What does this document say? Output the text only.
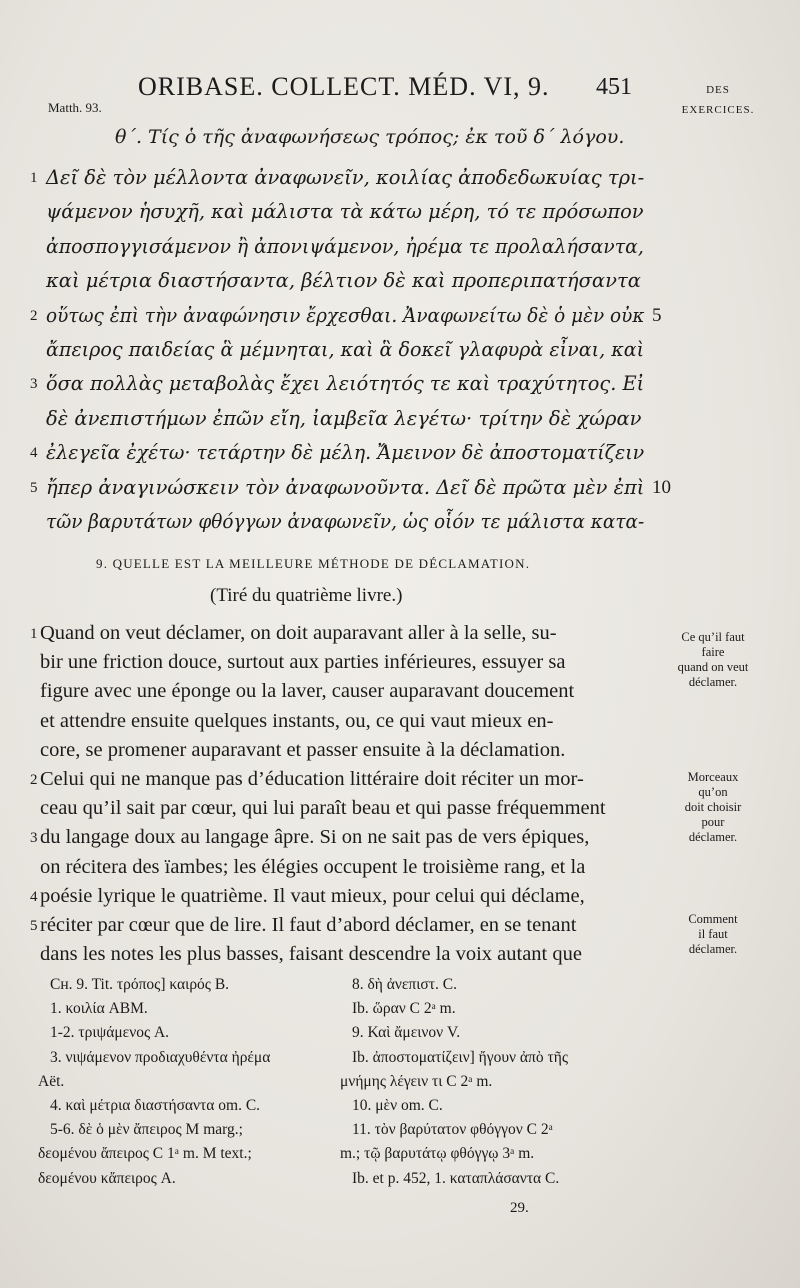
ORIBASE. COLLECT. MÉD. VI, 9. 451
Matth. 93.
DES
EXERCICES.
θ΄. Τίς ὁ τῆς ἀναφωνήσεως τρόπος; ἐκ τοῦ δ΄ λόγου.
1 Δεῖ δὲ τὸν μέλλοντα ἀναφωνεῖν, κοιλίας ἀποδεδωκυίας τρι-
ψάμενον ἡσυχῆ, καὶ μάλιστα τὰ κάτω μέρη, τό τε πρόσωπον
ἀποσπογγισάμενον ἢ ἀπονιψάμενον, ἠρέμα τε προλαλήσαντα,
καὶ μέτρια διαστήσαντα, βέλτιον δὲ καὶ προπεριπατήσαντα
2 οὕτως ἐπὶ τὴν ἀναφώνησιν ἔρχεσθαι. Ἀναφωνείτω δὲ ὁ μὲν οὐκ 5
ἄπειρος παιδείας ἃ μέμνηται, καὶ ἃ δοκεῖ γλαφυρὰ εἶναι, καὶ
3 ὅσα πολλὰς μεταβολὰς ἔχει λειότητός τε καὶ τραχύτητος. Εἰ
δὲ ἀνεπιστήμων ἐπῶν εἴη, ἰαμβεῖα λεγέτω· τρίτην δὲ χώραν
4 ἐλεγεῖα ἐχέτω· τετάρτην δὲ μέλη. Ἄμεινον δὲ ἀποστοματίζειν
5 ἤπερ ἀναγινώσκειν τὸν ἀναφωνοῦντα. Δεῖ δὲ πρῶτα μὲν ἐπὶ 10
τῶν βαρυτάτων φθόγγων ἀναφωνεῖν, ὡς οἷόν τε μάλιστα κατα-
9. QUELLE EST LA MEILLEURE MÉTHODE DE DÉCLAMATION.
(Tiré du quatrième livre.)
1 Quand on veut déclamer, on doit auparavant aller à la selle, su-
bir une friction douce, surtout aux parties inférieures, essuyer sa
figure avec une éponge ou la laver, causer auparavant doucement
et attendre ensuite quelques instants, ou, ce qui vaut mieux en-
core, se promener auparavant et passer ensuite à la déclamation.
2 Celui qui ne manque pas d’éducation littéraire doit réciter un mor-
ceau qu’il sait par cœur, qui lui paraît beau et qui passe fréquemment
3 du langage doux au langage âpre. Si on ne sait pas de vers épiques,
on récitera des ïambes; les élégies occupent le troisième rang, et la
4 poésie lyrique le quatrième. Il vaut mieux, pour celui qui déclame,
5 réciter par cœur que de lire. Il faut d’abord déclamer, en se tenant
dans les notes les plus basses, faisant descendre la voix autant que
Ce qu’il faut
faire
quand on veut
déclamer.
Morceaux
qu’on
doit choisir
pour
déclamer.
Comment
il faut
déclamer.
Cʜ. 9. Tit. τρόπος] καιρός B.
1. κοιλία ABM.
1-2. τριψάμενος A.
3. νιψάμενον προδιαχυθέντα ἠρέμα
Aët.
4. καὶ μέτρια διαστήσαντα om. C.
5-6. δὲ ὁ μὲν ἄπειρος M marg.;
δεομένου ἄπειρος C 1ᵃ m. M text.;
δεομένου κἄπειρος A.
8. δὴ ἀνεπιστ. C.
Ib. ὥραν C 2ᵃ m.
9. Καὶ ἄμεινον V.
Ib. ἀποστοματίζειν] ἤγουν ἀπὸ τῆς
μνήμης λέγειν τι C 2ᵃ m.
10. μὲν om. C.
11. τὸν βαρύτατον φθόγγον C 2ᵃ
m.; τῷ βαρυτάτῳ φθόγγῳ 3ᵃ m.
Ib. et p. 452, 1. καταπλάσαντα C.
29.
